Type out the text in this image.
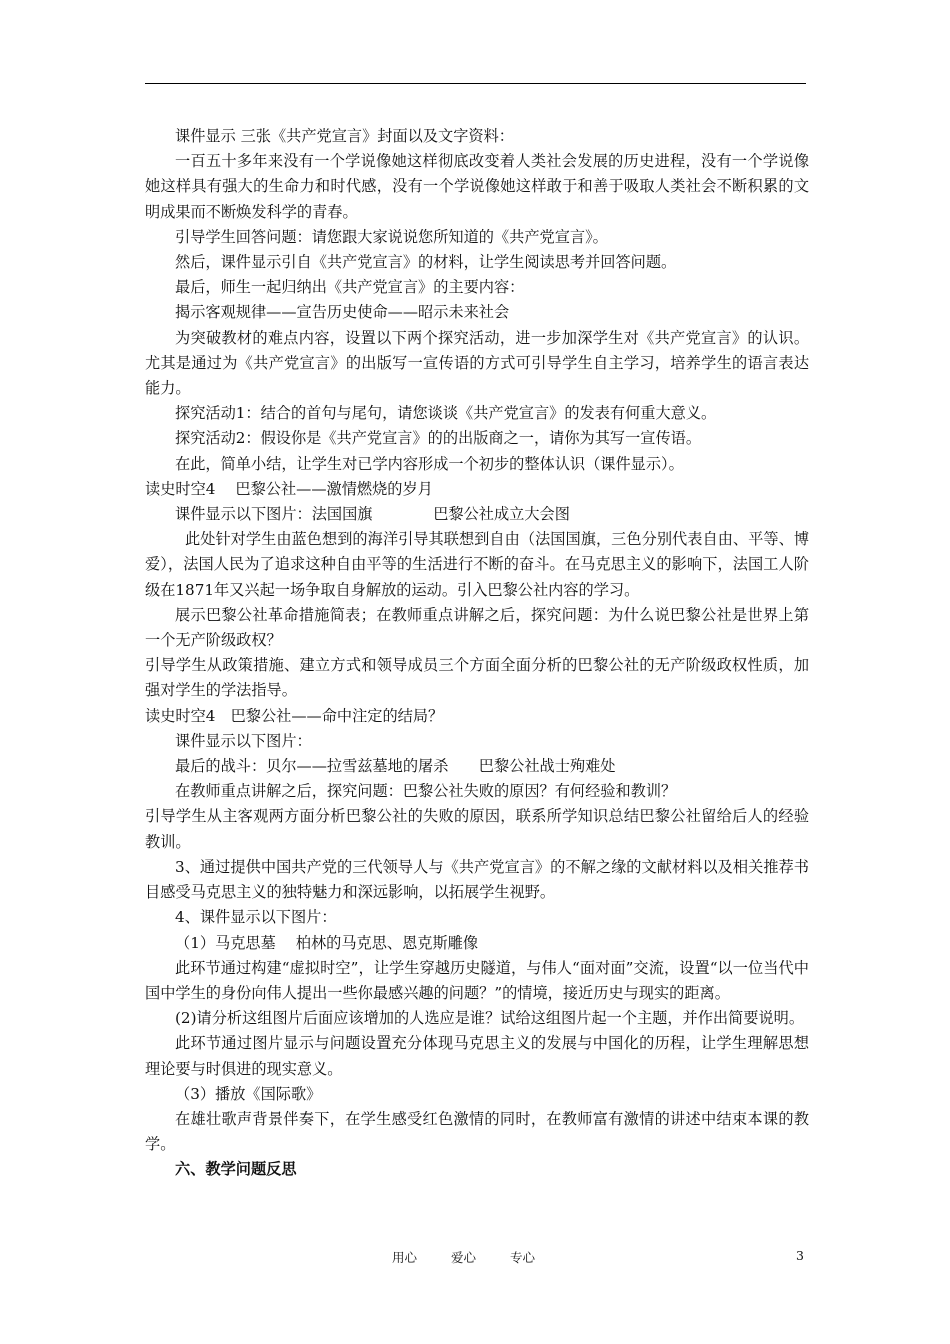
课件显示 三张《共产党宣言》封面以及文字资料：

一百五十多年来没有一个学说像她这样彻底改变着人类社会发展的历史进程，没有一个学说像她这样具有强大的生命力和时代感，没有一个学说像她这样敢于和善于吸取人类社会不断积累的文明成果而不断焕发科学的青春。

引导学生回答问题：请您跟大家说说您所知道的《共产党宣言》。

然后，课件显示引自《共产党宣言》的材料，让学生阅读思考并回答问题。

最后，师生一起归纳出《共产党宣言》的主要内容：

揭示客观规律——宣告历史使命——昭示未来社会

为突破教材的难点内容，设置以下两个探究活动，进一步加深学生对《共产党宣言》的认识。尤其是通过为《共产党宣言》的出版写一宣传语的方式可引导学生自主学习，培养学生的语言表达能力。

探究活动1：结合的首句与尾句，请您谈谈《共产党宣言》的发表有何重大意义。

探究活动2：假设你是《共产党宣言》的的出版商之一，请你为其写一宣传语。

在此，简单小结，让学生对已学内容形成一个初步的整体认识（课件显示）。

读史时空4　 巴黎公社——激情燃烧的岁月

课件显示以下图片：法国国旗　　　　巴黎公社成立大会图

此处针对学生由蓝色想到的海洋引导其联想到自由（法国国旗，三色分别代表自由、平等、博爱），法国人民为了追求这种自由平等的生活进行不断的奋斗。在马克思主义的影响下，法国工人阶级在1871年又兴起一场争取自身解放的运动。引入巴黎公社内容的学习。

展示巴黎公社革命措施简表；在教师重点讲解之后，探究问题：为什么说巴黎公社是世界上第一个无产阶级政权？

引导学生从政策措施、建立方式和领导成员三个方面全面分析的巴黎公社的无产阶级政权性质，加强对学生的学法指导。

读史时空4　巴黎公社——命中注定的结局？

课件显示以下图片：

最后的战斗：贝尔——拉雪兹墓地的屠杀　　巴黎公社战士殉难处

在教师重点讲解之后，探究问题：巴黎公社失败的原因？有何经验和教训？

引导学生从主客观两方面分析巴黎公社的失败的原因，联系所学知识总结巴黎公社留给后人的经验教训。

3、通过提供中国共产党的三代领导人与《共产党宣言》的不解之缘的文献材料以及相关推荐书目感受马克思主义的独特魅力和深远影响，以拓展学生视野。

4、课件显示以下图片：

（1）马克思墓　 柏林的马克思、恩克斯雕像

此环节通过构建“虚拟时空”，让学生穿越历史隧道，与伟人“面对面”交流，设置“以一位当代中国中学生的身份向伟人提出一些你最感兴趣的问题？”的情境，接近历史与现实的距离。

(2)请分析这组图片后面应该增加的人选应是谁？试给这组图片起一个主题，并作出简要说明。

此环节通过图片显示与问题设置充分体现马克思主义的发展与中国化的历程，让学生理解思想理论要与时俱进的现实意义。

（3）播放《国际歌》

在雄壮歌声背景伴奏下，在学生感受红色激情的同时，在教师富有激情的讲述中结束本课的教学。

六、教学问题反思

用心	爱心	专心	3
